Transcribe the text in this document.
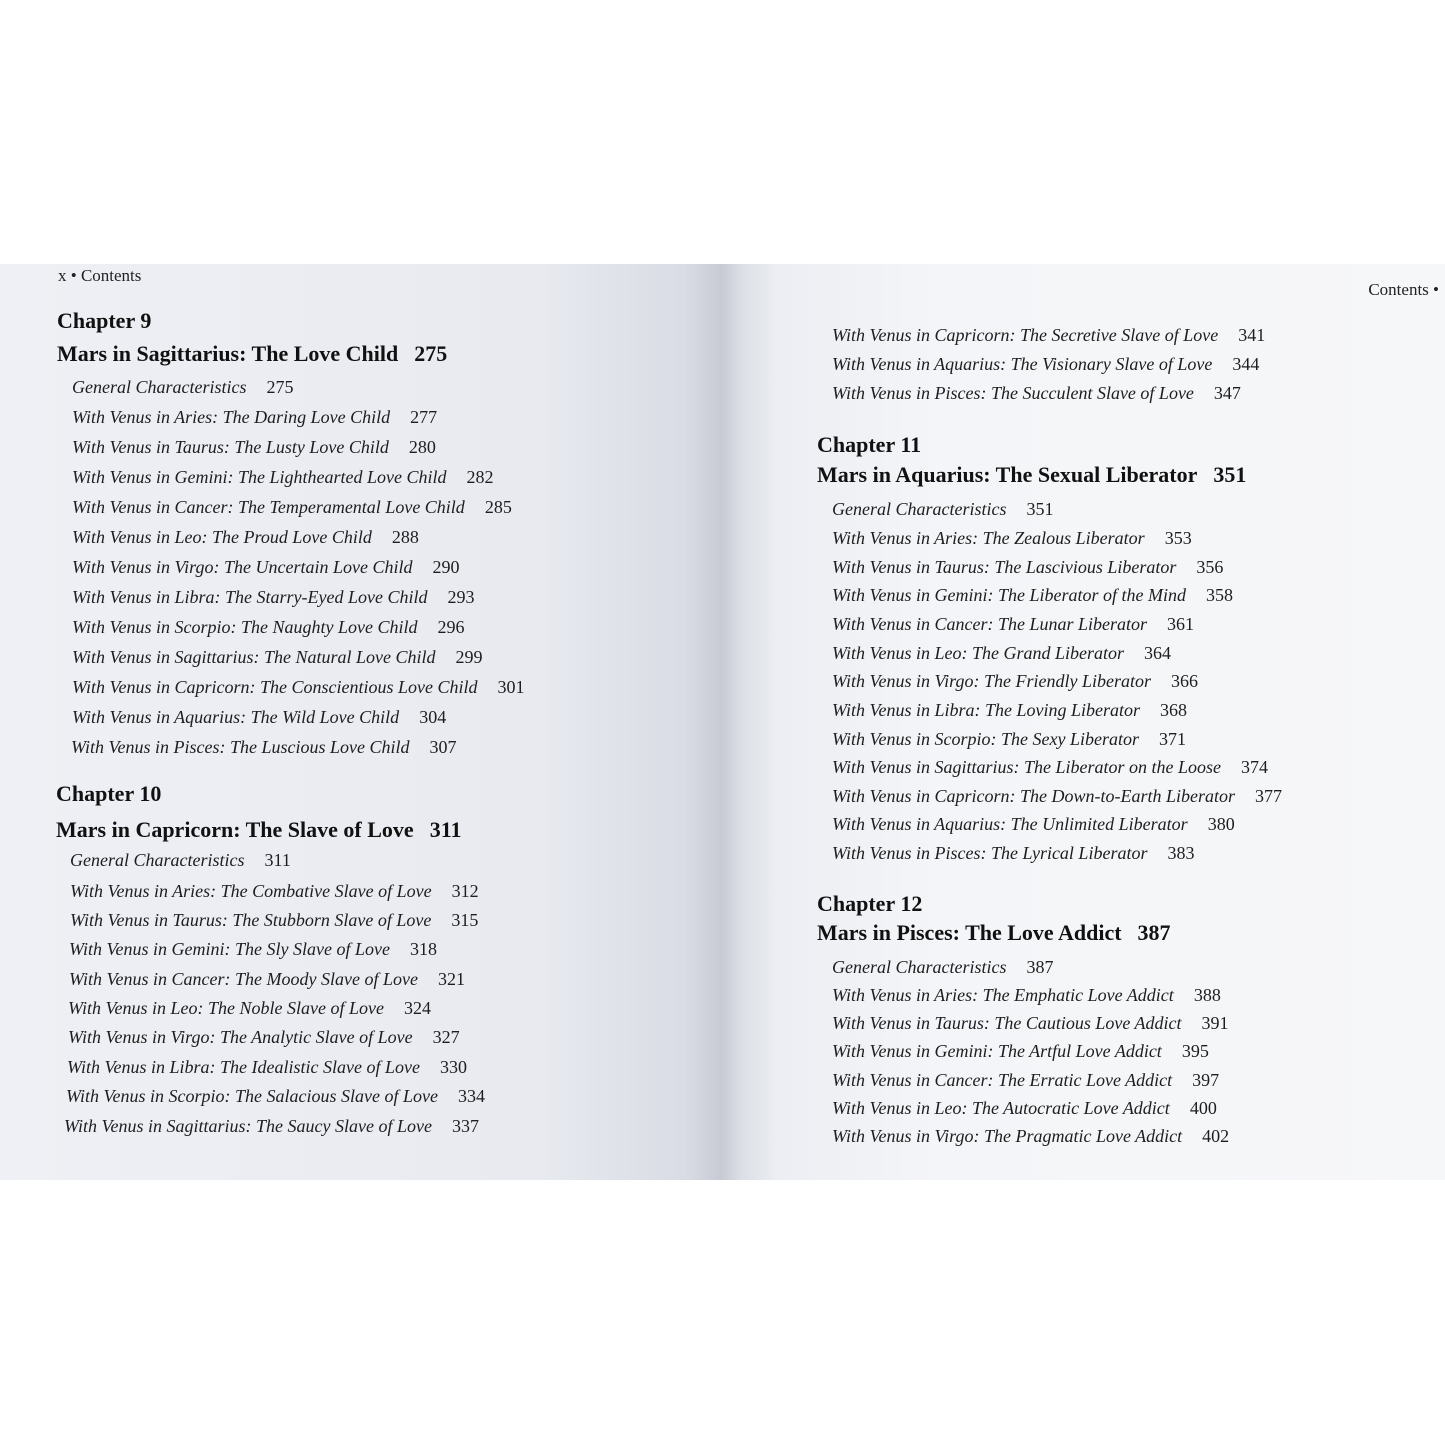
x • Contents
Chapter 9
Mars in Sagittarius: The Love Child 275
General Characteristics 275
With Venus in Aries: The Daring Love Child 277
With Venus in Taurus: The Lusty Love Child 280
With Venus in Gemini: The Lighthearted Love Child 282
With Venus in Cancer: The Temperamental Love Child 285
With Venus in Leo: The Proud Love Child 288
With Venus in Virgo: The Uncertain Love Child 290
With Venus in Libra: The Starry-Eyed Love Child 293
With Venus in Scorpio: The Naughty Love Child 296
With Venus in Sagittarius: The Natural Love Child 299
With Venus in Capricorn: The Conscientious Love Child 301
With Venus in Aquarius: The Wild Love Child 304
With Venus in Pisces: The Luscious Love Child 307
Chapter 10
Mars in Capricorn: The Slave of Love 311
General Characteristics 311
With Venus in Aries: The Combative Slave of Love 312
With Venus in Taurus: The Stubborn Slave of Love 315
With Venus in Gemini: The Sly Slave of Love 318
With Venus in Cancer: The Moody Slave of Love 321
With Venus in Leo: The Noble Slave of Love 324
With Venus in Virgo: The Analytic Slave of Love 327
With Venus in Libra: The Idealistic Slave of Love 330
With Venus in Scorpio: The Salacious Slave of Love 334
With Venus in Sagittarius: The Saucy Slave of Love 337
Contents •
With Venus in Capricorn: The Secretive Slave of Love 341
With Venus in Aquarius: The Visionary Slave of Love 344
With Venus in Pisces: The Succulent Slave of Love 347
Chapter 11
Mars in Aquarius: The Sexual Liberator 351
General Characteristics 351
With Venus in Aries: The Zealous Liberator 353
With Venus in Taurus: The Lascivious Liberator 356
With Venus in Gemini: The Liberator of the Mind 358
With Venus in Cancer: The Lunar Liberator 361
With Venus in Leo: The Grand Liberator 364
With Venus in Virgo: The Friendly Liberator 366
With Venus in Libra: The Loving Liberator 368
With Venus in Scorpio: The Sexy Liberator 371
With Venus in Sagittarius: The Liberator on the Loose 374
With Venus in Capricorn: The Down-to-Earth Liberator 377
With Venus in Aquarius: The Unlimited Liberator 380
With Venus in Pisces: The Lyrical Liberator 383
Chapter 12
Mars in Pisces: The Love Addict 387
General Characteristics 387
With Venus in Aries: The Emphatic Love Addict 388
With Venus in Taurus: The Cautious Love Addict 391
With Venus in Gemini: The Artful Love Addict 395
With Venus in Cancer: The Erratic Love Addict 397
With Venus in Leo: The Autocratic Love Addict 400
With Venus in Virgo: The Pragmatic Love Addict 402
